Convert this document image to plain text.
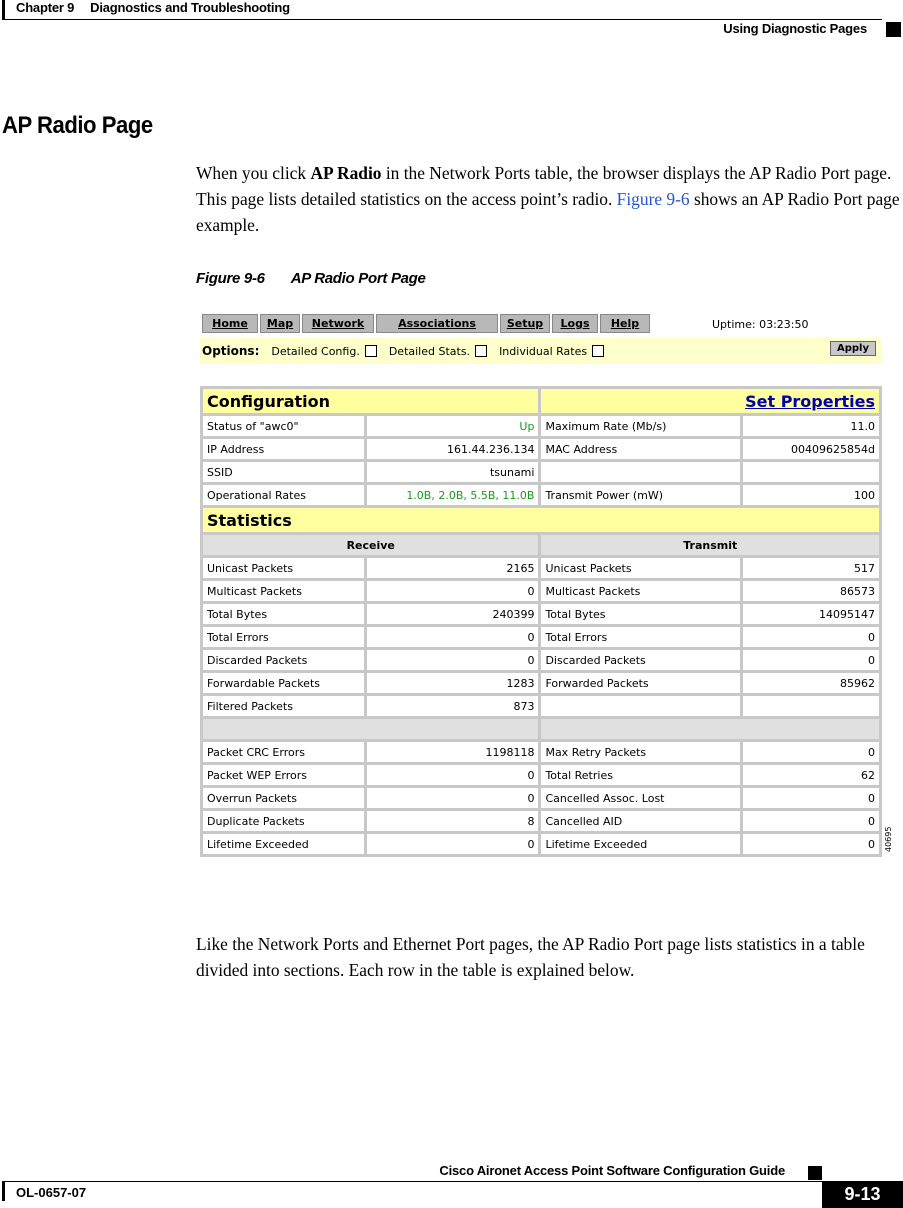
Chapter 9 Diagnostics and Troubleshooting
Using Diagnostic Pages
AP Radio Page

When you click AP Radio in the Network Ports table, the browser displays the AP Radio Port page. This page lists detailed statistics on the access point’s radio. Figure 9-6 shows an AP Radio Port page example.

Figure 9-6 AP Radio Port Page
Home	Map	Network	Associations	Setup	Logs	Help	Uptime: 03:23:50
Options: Detailed Config.	Detailed Stats.	Individual Rates	Apply
Configuration		Set Properties	
Status of "awc0"	Up	Maximum Rate (Mb/s)	11.0
IP Address	161.44.236.134	MAC Address	00409625854d
SSID	tsunami		
Operational Rates	1.0B, 2.0B, 5.5B, 11.0B	Transmit Power (mW)	100
Statistics			
Receive		Transmit	
Unicast Packets	2165	Unicast Packets	517
Multicast Packets	0	Multicast Packets	86573
Total Bytes	240399	Total Bytes	14095147
Total Errors	0	Total Errors	0
Discarded Packets	0	Discarded Packets	0
Forwardable Packets	1283	Forwarded Packets	85962
Filtered Packets	873		

Packet CRC Errors	1198118	Max Retry Packets	0
Packet WEP Errors	0	Total Retries	62
Overrun Packets	0	Cancelled Assoc. Lost	0
Duplicate Packets	8	Cancelled AID	0
Lifetime Exceeded	0	Lifetime Exceeded	0 40695

Like the Network Ports and Ethernet Port pages, the AP Radio Port page lists statistics in a table divided into sections. Each row in the table is explained below.

Cisco Aironet Access Point Software Configuration Guide
OL-0657-07	9-13
